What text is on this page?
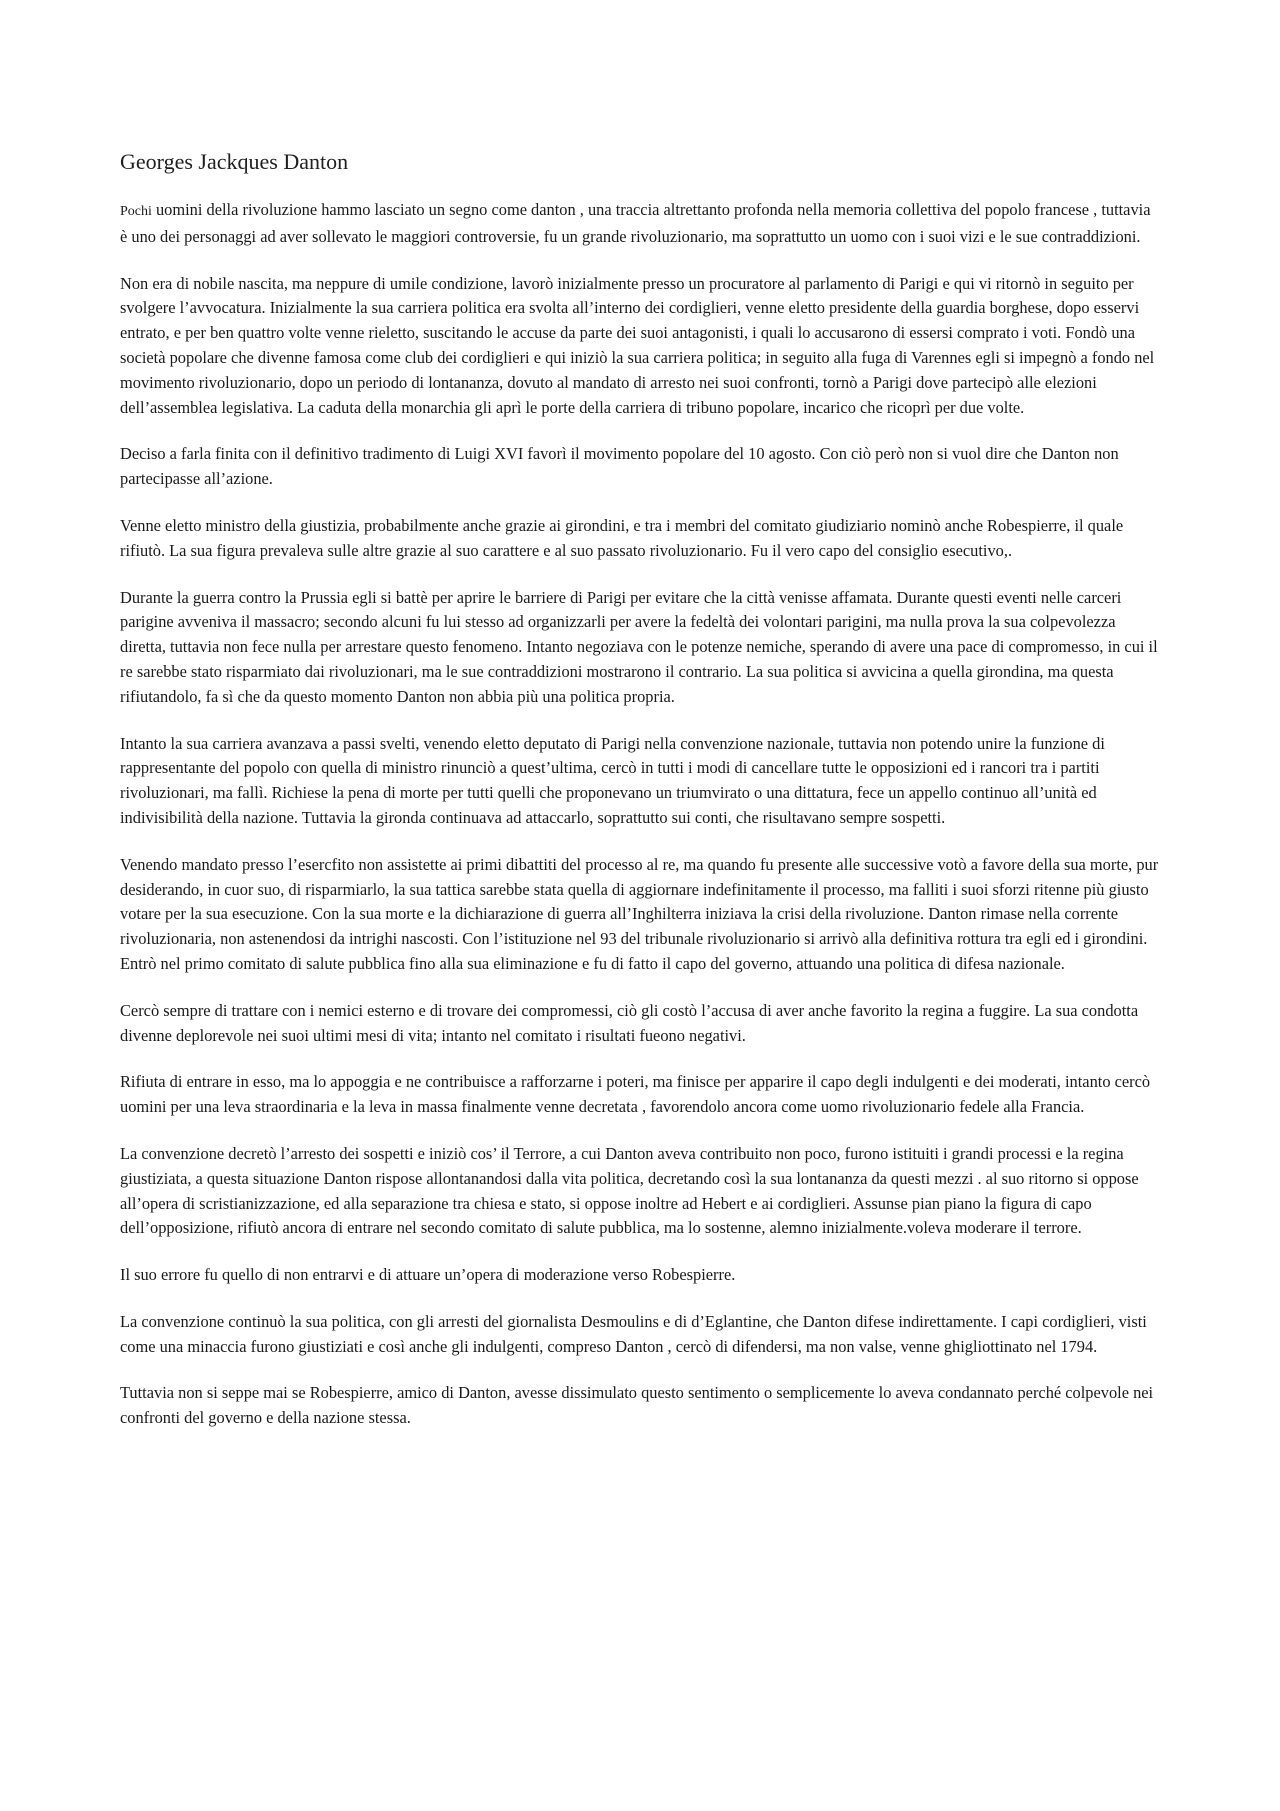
Georges Jackques Danton

Pochi uomini della rivoluzione hammo lasciato un segno come danton , una traccia altrettanto profonda nella memoria collettiva del popolo francese , tuttavia è uno dei personaggi ad aver sollevato le maggiori controversie, fu un grande rivoluzionario, ma soprattutto un uomo con i suoi vizi e le sue contraddizioni.

Non era di nobile nascita, ma neppure di umile condizione, lavorò inizialmente presso un procuratore al parlamento di Parigi e qui vi ritornò in seguito per svolgere l’avvocatura. Inizialmente la sua carriera politica era svolta all’interno dei cordiglieri, venne eletto presidente della guardia borghese, dopo esservi entrato, e per ben quattro volte venne rieletto, suscitando le accuse da parte dei suoi antagonisti, i quali lo accusarono di essersi comprato i voti. Fondò una società popolare che divenne famosa come club dei cordiglieri e qui iniziò la sua carriera politica; in seguito alla fuga di Varennes egli si impegnò a fondo nel movimento rivoluzionario, dopo un periodo di lontananza, dovuto al mandato di arresto nei suoi confronti, tornò a Parigi dove partecipò alle elezioni dell’assemblea legislativa. La caduta della monarchia gli aprì le porte della carriera di tribuno popolare, incarico che ricoprì per due volte.

Deciso a farla finita con il definitivo tradimento di Luigi XVI favorì il movimento popolare del 10 agosto. Con ciò però non si vuol dire che Danton non partecipasse all’azione.

Venne eletto ministro della giustizia, probabilmente anche grazie ai girondini, e tra i membri del comitato giudiziario nominò anche Robespierre, il quale rifiutò. La sua figura prevaleva sulle altre grazie al suo carattere e al suo passato rivoluzionario. Fu il vero capo del consiglio esecutivo,.

Durante la guerra contro la Prussia egli si battè per aprire le barriere di Parigi per evitare che la città venisse affamata. Durante questi eventi nelle carceri parigine avveniva il massacro; secondo alcuni fu lui stesso ad organizzarli per avere la fedeltà dei volontari parigini, ma nulla prova la sua colpevolezza diretta, tuttavia non fece nulla per arrestare questo fenomeno. Intanto negoziava con le potenze nemiche, sperando di avere una pace di compromesso, in cui il re sarebbe stato risparmiato dai rivoluzionari, ma le sue contraddizioni mostrarono il contrario. La sua politica si avvicina a quella girondina, ma questa rifiutandolo, fa sì che da questo momento Danton non abbia più una politica propria.

Intanto la sua carriera avanzava a passi svelti, venendo eletto deputato di Parigi nella convenzione nazionale, tuttavia non potendo unire la funzione di rappresentante del popolo con quella di ministro rinunciò a quest’ultima, cercò in tutti i modi di cancellare tutte le opposizioni ed i rancori tra i partiti rivoluzionari, ma fallì. Richiese la pena di morte per tutti quelli che proponevano un triumvirato o una dittatura, fece un appello continuo all’unità ed indivisibilità della nazione. Tuttavia la gironda continuava ad attaccarlo, soprattutto sui conti, che risultavano sempre sospetti.

Venendo mandato presso l’esercfito non assistette ai primi dibattiti del processo al re, ma quando fu presente alle successive votò a favore della sua morte, pur desiderando, in cuor suo, di risparmiarlo, la sua tattica sarebbe stata quella di aggiornare indefinitamente il processo, ma falliti i suoi sforzi ritenne più giusto votare per la sua esecuzione. Con la sua morte e la dichiarazione di guerra all’Inghilterra iniziava la crisi della rivoluzione. Danton rimase nella corrente rivoluzionaria, non astenendosi da intrighi nascosti. Con l’istituzione nel 93 del tribunale rivoluzionario si arrivò alla definitiva rottura tra egli ed i girondini. Entrò nel primo comitato di salute pubblica fino alla sua eliminazione e fu di fatto il capo del governo, attuando una politica di difesa nazionale.

Cercò sempre di trattare con i nemici esterno e di trovare dei compromessi, ciò gli costò l’accusa di aver anche favorito la regina a fuggire. La sua condotta divenne deplorevole nei suoi ultimi mesi di vita; intanto nel comitato i risultati fueono negativi.

Rifiuta di entrare in esso, ma lo appoggia e ne contribuisce a rafforzarne i poteri, ma finisce per apparire il capo degli indulgenti e dei moderati, intanto cercò uomini per una leva straordinaria e la leva in massa finalmente venne decretata , favorendolo ancora come uomo rivoluzionario fedele alla Francia.

La convenzione decretò l’arresto dei sospetti e iniziò cos’ il Terrore, a cui Danton aveva contribuito non poco, furono istituiti i grandi processi e la regina giustiziata, a questa situazione Danton rispose allontanandosi dalla vita politica, decretando così la sua lontananza da questi mezzi . al suo ritorno si oppose all’opera di scristianizzazione, ed alla separazione tra chiesa e stato, si oppose inoltre ad Hebert e ai cordiglieri. Assunse pian piano la figura di capo dell’opposizione, rifiutò ancora di entrare nel secondo comitato di salute pubblica, ma lo sostenne, alemno inizialmente.voleva moderare il terrore.

Il suo errore fu quello di non entrarvi e di attuare un’opera di moderazione verso Robespierre.

La convenzione continuò la sua politica, con gli arresti del giornalista Desmoulins e di d’Eglantine, che Danton difese indirettamente. I capi cordiglieri, visti come una minaccia furono giustiziati e così anche gli indulgenti, compreso Danton , cercò di difendersi, ma non valse, venne ghigliottinato nel 1794.

Tuttavia non si seppe mai se Robespierre, amico di Danton, avesse dissimulato questo sentimento o semplicemente lo aveva condannato perché colpevole nei confronti del governo e della nazione stessa.
